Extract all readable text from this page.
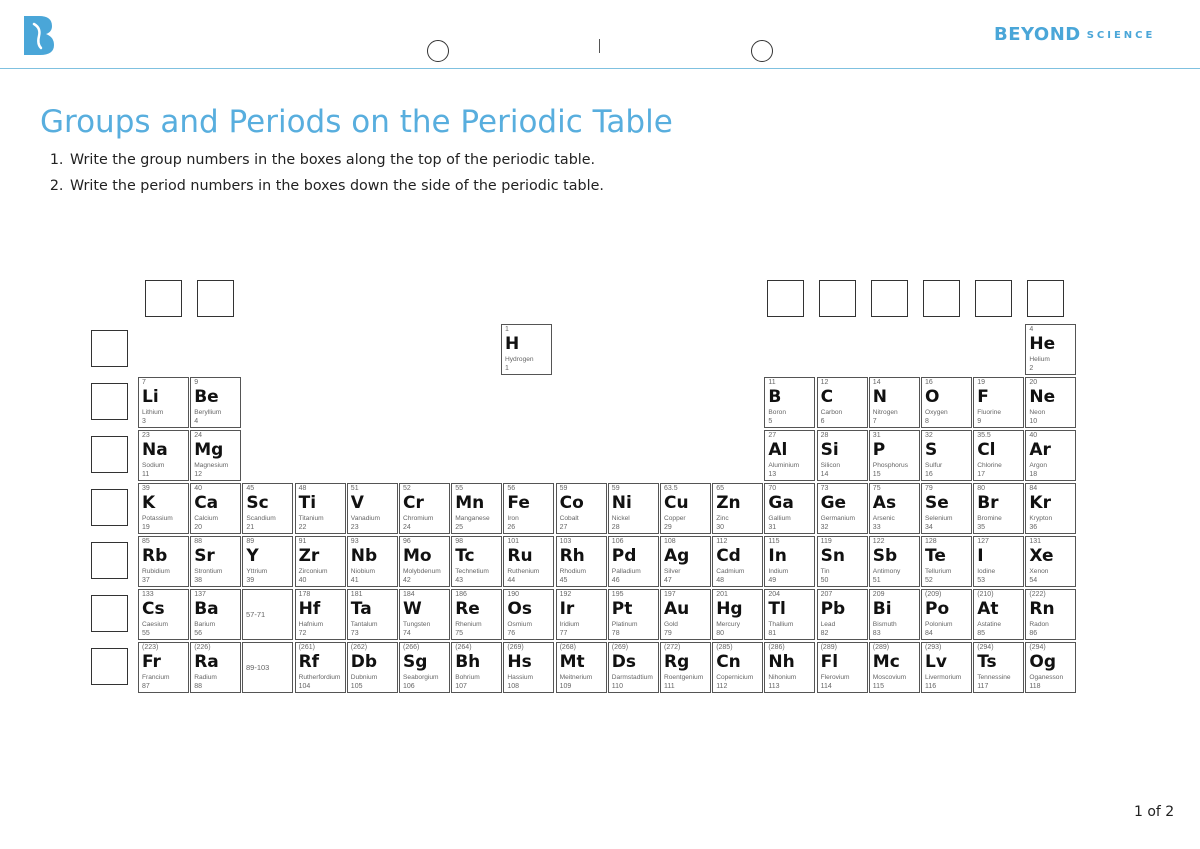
BEYOND $^{SCIENCE}$
Groups and Periods on the Periodic Table
1. Write the group numbers in the boxes along the top of the periodic table.
2. Write the period numbers in the boxes down the side of the periodic table.
1
H
Hydrogen
1
4
He
Helium
2
7
Li
Lithium
3
9
Be
Beryllium
4
11
B
Boron
5
12
C
Carbon
6
14
N
Nitrogen
7
16
O
Oxygen
8
19
F
Fluorine
9
20
Ne
Neon
10
23
Na
Sodium
11
24
Mg
Magnesium
12
27
Al
Aluminium
13
28
Si
Silicon
14
31
P
Phosphorus
15
32
S
Sulfur
16
35.5
Cl
Chlorine
17
40
Ar
Argon
18
39
K
Potassium
19
40
Ca
Calcium
20
45
Sc
Scandium
21
48
Ti
Titanium
22
51
V
Vanadium
23
52
Cr
Chromium
24
55
Mn
Manganese
25
56
Fe
Iron
26
59
Co
Cobalt
27
59
Ni
Nickel
28
63.5
Cu
Copper
29
65
Zn
Zinc
30
70
Ga
Gallium
31
73
Ge
Germanium
32
75
As
Arsenic
33
79
Se
Selenium
34
80
Br
Bromine
35
84
Kr
Krypton
36
85
Rb
Rubidium
37
88
Sr
Strontium
38
89
Y
Yttrium
39
91
Zr
Zirconium
40
93
Nb
Niobium
41
96
Mo
Molybdenum
42
98
Tc
Technetium
43
101
Ru
Ruthenium
44
103
Rh
Rhodium
45
106
Pd
Palladium
46
108
Ag
Silver
47
112
Cd
Cadmium
48
115
In
Indium
49
119
Sn
Tin
50
122
Sb
Antimony
51
128
Te
Tellurium
52
127
I
Iodine
53
131
Xe
Xenon
54
133
Cs
Caesium
55
137
Ba
Barium
56
178
Hf
Hafnium
72
181
Ta
Tantalum
73
184
W
Tungsten
74
186
Re
Rhenium
75
190
Os
Osmium
76
192
Ir
Iridium
77
195
Pt
Platinum
78
197
Au
Gold
79
201
Hg
Mercury
80
204
Tl
Thallium
81
207
Pb
Lead
82
209
Bi
Bismuth
83
(209)
Po
Polonium
84
(210)
At
Astatine
85
(222)
Rn
Radon
86
(223)
Fr
Francium
87
(226)
Ra
Radium
88
(261)
Rf
Rutherfordium
104
(262)
Db
Dubnium
105
(266)
Sg
Seaborgium
106
(264)
Bh
Bohrium
107
(269)
Hs
Hassium
108
(268)
Mt
Meitnerium
109
(269)
Ds
Darmstadtium
110
(272)
Rg
Roentgenium
111
(285)
Cn
Copernicium
112
(286)
Nh
Nihonium
113
(289)
Fl
Flerovium
114
(289)
Mc
Moscovium
115
(293)
Lv
Livermorium
116
(294)
Ts
Tennessine
117
(294)
Og
Oganesson
118
57-71
89-103
1 of 2
